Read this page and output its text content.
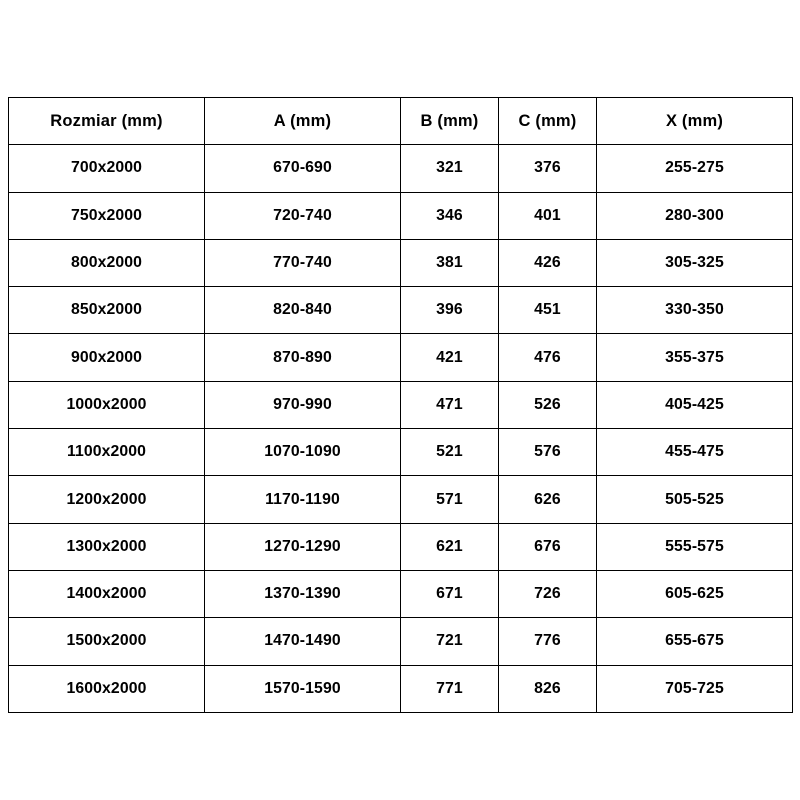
Rozmiar (mm)	A (mm)	B (mm)	C (mm)	X (mm)
700x2000	670-690	321	376	255-275
750x2000	720-740	346	401	280-300
800x2000	770-740	381	426	305-325
850x2000	820-840	396	451	330-350
900x2000	870-890	421	476	355-375
1000x2000	970-990	471	526	405-425
1100x2000	1070-1090	521	576	455-475
1200x2000	1170-1190	571	626	505-525
1300x2000	1270-1290	621	676	555-575
1400x2000	1370-1390	671	726	605-625
1500x2000	1470-1490	721	776	655-675
1600x2000	1570-1590	771	826	705-725
